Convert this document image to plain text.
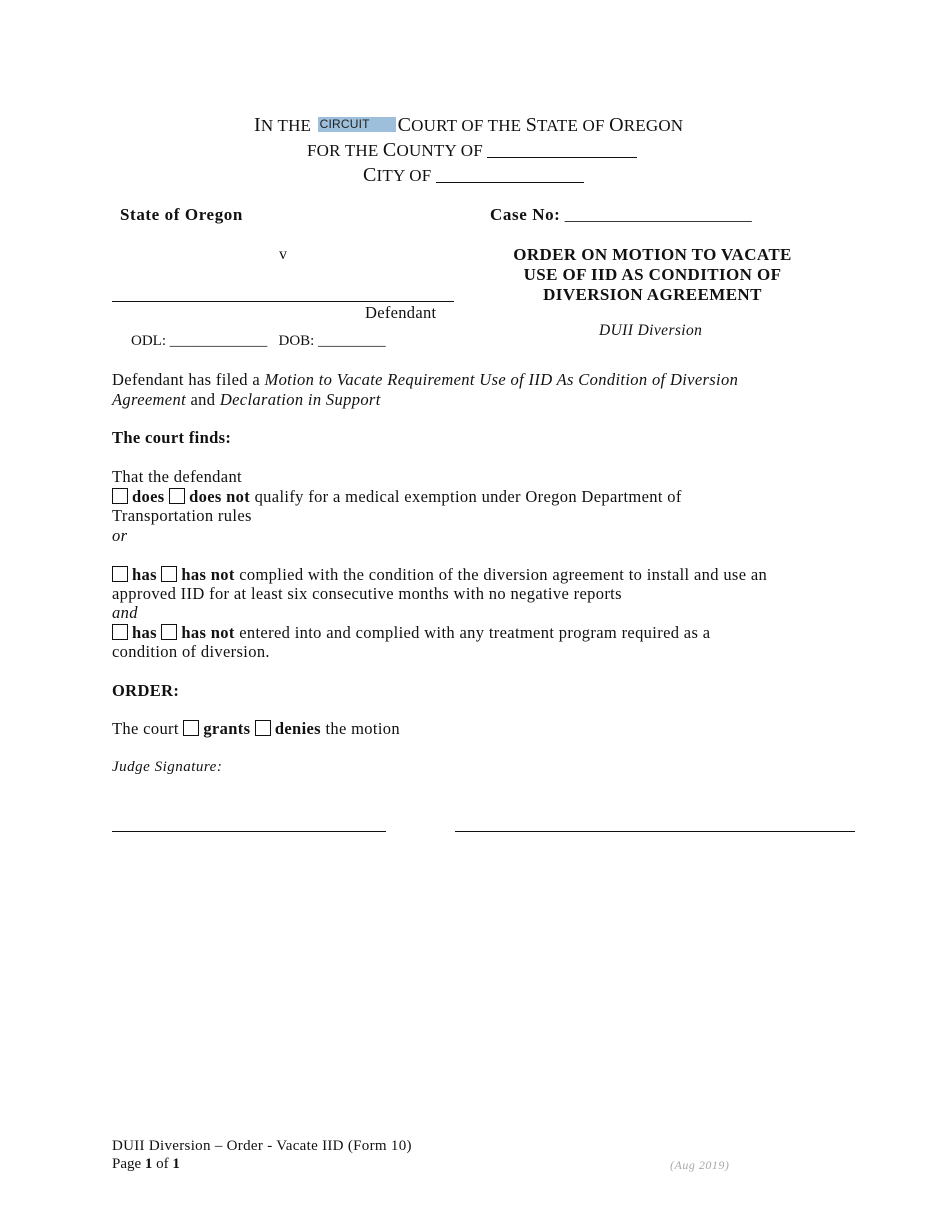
IN THE CIRCUIT COURT OF THE STATE OF OREGON
FOR THE COUNTY OF
CITY OF
State of Oregon	Case No: ______________________
v	ORDER ON MOTION TO VACATE
USE OF IID AS CONDITION OF
DIVERSION AGREEMENT
Defendant
DUII Diversion
ODL: _____________ DOB: _________
Defendant has filed a Motion to Vacate Requirement Use of IID As Condition of Diversion
Agreement and Declaration in Support
The court finds:
That the defendant
does does not qualify for a medical exemption under Oregon Department of
Transportation rules
or
has has not complied with the condition of the diversion agreement to install and use an
approved IID for at least six consecutive months with no negative reports
and
has has not entered into and complied with any treatment program required as a
condition of diversion.
ORDER:
The court grants denies the motion
Judge Signature:
DUII Diversion – Order - Vacate IID (Form 10)
Page 1 of 1	(Aug 2019)
